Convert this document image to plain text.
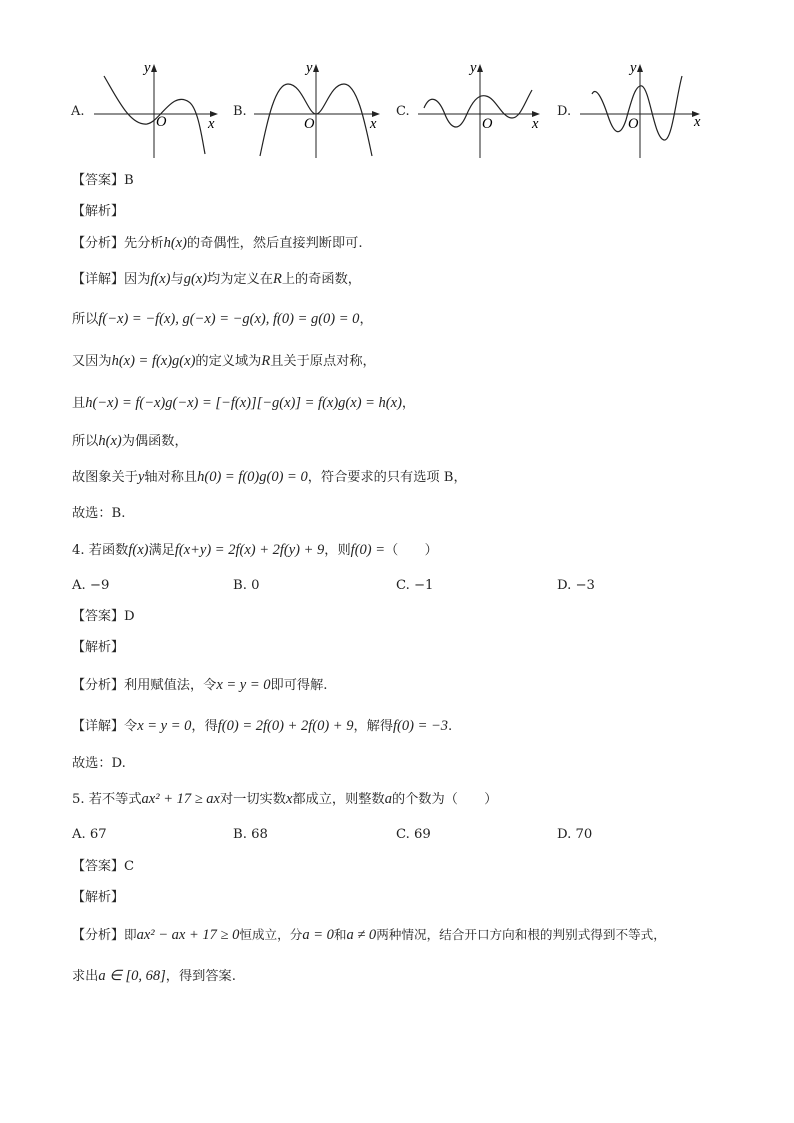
A.
y
x
O
B.
y
x
O
C.
y
x
O
D.
y
x
O
【答案】B
【解析】
【分析】先分析h(x)的奇偶性，然后直接判断即可.
【详解】因为f(x)与g(x)均为定义在R上的奇函数，
所以f(−x) = −f(x), g(−x) = −g(x), f(0) = g(0) = 0，
又因为h(x) = f(x)g(x)的定义域为R且关于原点对称，
且h(−x) = f(−x)g(−x) = [−f(x)][−g(x)] = f(x)g(x) = h(x)，
所以h(x)为偶函数，
故图象关于y轴对称且h(0) = f(0)g(0) = 0，符合要求的只有选项 B，
故选：B.
4. 若函数f(x)满足f(x+y) = 2f(x) + 2f(y) + 9，则f(0) =（　　）
A. −9	B. 0	C. −1	D. −3
【答案】D
【解析】
【分析】利用赋值法，令x = y = 0即可得解.
【详解】令x = y = 0，得f(0) = 2f(0) + 2f(0) + 9，解得f(0) = −3.
故选：D.
5. 若不等式ax² + 17 ≥ ax对一切实数x都成立，则整数a的个数为（　　）
A. 67	B. 68	C. 69	D. 70
【答案】C
【解析】
【分析】即ax² − ax + 17 ≥ 0恒成立，分a = 0和a ≠ 0两种情况，结合开口方向和根的判别式得到不等式，
求出a ∈ [0, 68]，得到答案.
